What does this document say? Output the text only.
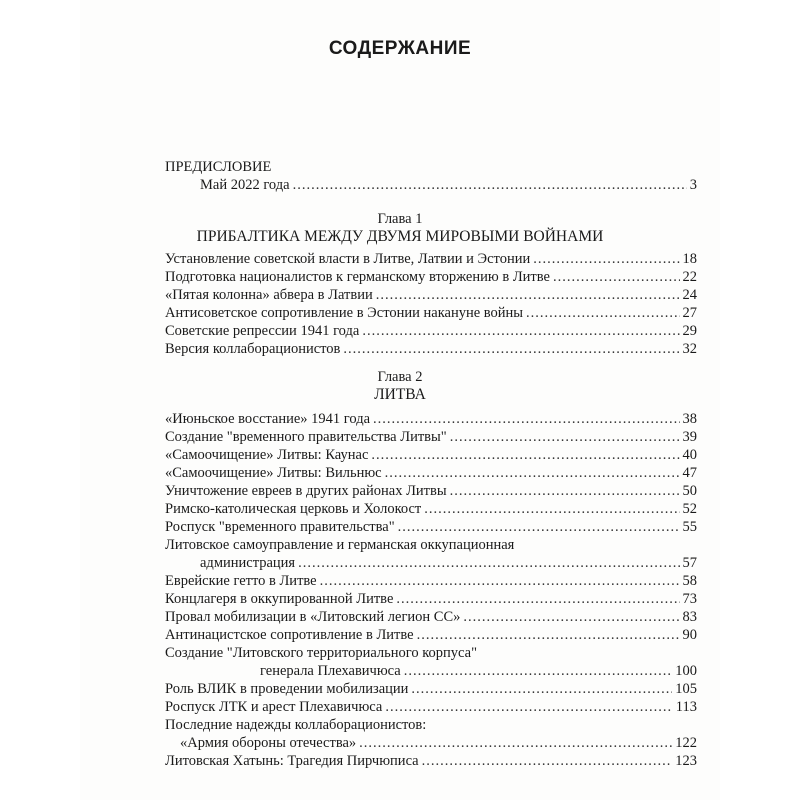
СОДЕРЖАНИЕ
ПРЕДИСЛОВИЕ
Май 2022 года .....	3
Глава 1
ПРИБАЛТИКА МЕЖДУ ДВУМЯ МИРОВЫМИ ВОЙНАМИ
Установление советской власти в Литве, Латвии и Эстонии .....	18
Подготовка националистов к германскому вторжению в Литве .....	22
«Пятая колонна» абвера в Латвии .....	24
Антисоветское сопротивление в Эстонии накануне войны .....	27
Советские репрессии 1941 года .....	29
Версия коллаборационистов .....	32
Глава 2
ЛИТВА
«Июньское восстание» 1941 года .....	38
Создание "временного правительства Литвы" .....	39
«Самоочищение» Литвы: Каунас .....	40
«Самоочищение» Литвы: Вильнюс .....	47
Уничтожение евреев в других районах Литвы .....	50
Римско-католическая церковь и Холокост .....	52
Роспуск "временного правительства" .....	55
Литовское самоуправление и германская оккупационная
администрация .....	57
Еврейские гетто в Литве .....	58
Концлагеря в оккупированной Литве .....	73
Провал мобилизации в «Литовский легион СС» .....	83
Антинацистское сопротивление в Литве .....	90
Создание "Литовского территориального корпуса"
генерала Плехавичюса .....	100
Роль ВЛИК в проведении мобилизации .....	105
Роспуск ЛТК и арест Плехавичюса .....	113
Последние надежды коллаборационистов:
«Армия обороны отечества» .....	122
Литовская Хатынь: Трагедия Пирчюписа .....	123
